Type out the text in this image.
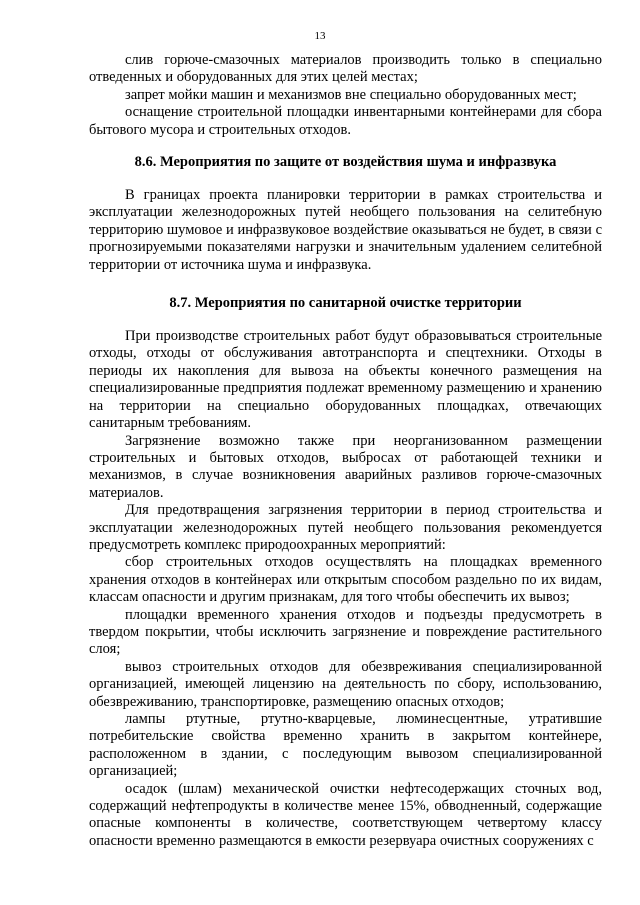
13

слив горюче-смазочных материалов производить только в специально отведенных и оборудованных для этих целей местах;

запрет мойки машин и механизмов вне специально оборудованных мест;

оснащение строительной площадки инвентарными контейнерами для сбора бытового мусора и строительных отходов.

8.6. Мероприятия по защите от воздействия шума и инфразвука

В границах проекта планировки территории в рамках строительства и эксплуатации железнодорожных путей необщего пользования на селитебную территорию шумовое и инфразвуковое воздействие оказываться не будет, в связи с прогнозируемыми показателями нагрузки и значительным удалением селитебной территории от источника шума и инфразвука.

8.7. Мероприятия по санитарной очистке территории

При производстве строительных работ будут образовываться строительные отходы, отходы от обслуживания автотранспорта и спецтехники. Отходы в периоды их накопления для вывоза на объекты конечного размещения на специализированные предприятия подлежат временному размещению и хранению на территории на специально оборудованных площадках, отвечающих санитарным требованиям.

Загрязнение возможно также при неорганизованном размещении строительных и бытовых отходов, выбросах от работающей техники и механизмов, в случае возникновения аварийных разливов горюче-смазочных материалов.

Для предотвращения загрязнения территории в период строительства и эксплуатации железнодорожных путей необщего пользования рекомендуется предусмотреть комплекс природоохранных мероприятий:

сбор строительных отходов осуществлять на площадках временного хранения отходов в контейнерах или открытым способом раздельно по их видам, классам опасности и другим признакам, для того чтобы обеспечить их вывоз;

площадки временного хранения отходов и подъезды предусмотреть в твердом покрытии, чтобы исключить загрязнение и повреждение растительного слоя;

вывоз строительных отходов для обезвреживания специализированной организацией, имеющей лицензию на деятельность по сбору, использованию, обезвреживанию, транспортировке, размещению опасных отходов;

лампы ртутные, ртутно-кварцевые, люминесцентные, утратившие потребительские свойства временно хранить в закрытом контейнере, расположенном в здании, с последующим вывозом специализированной организацией;

осадок (шлам) механической очистки нефтесодержащих сточных вод, содержащий нефтепродукты в количестве менее 15%, обводненный, содержащие опасные компоненты в количестве, соответствующем четвертому классу опасности временно размещаются в емкости резервуара очистных сооружениях с
